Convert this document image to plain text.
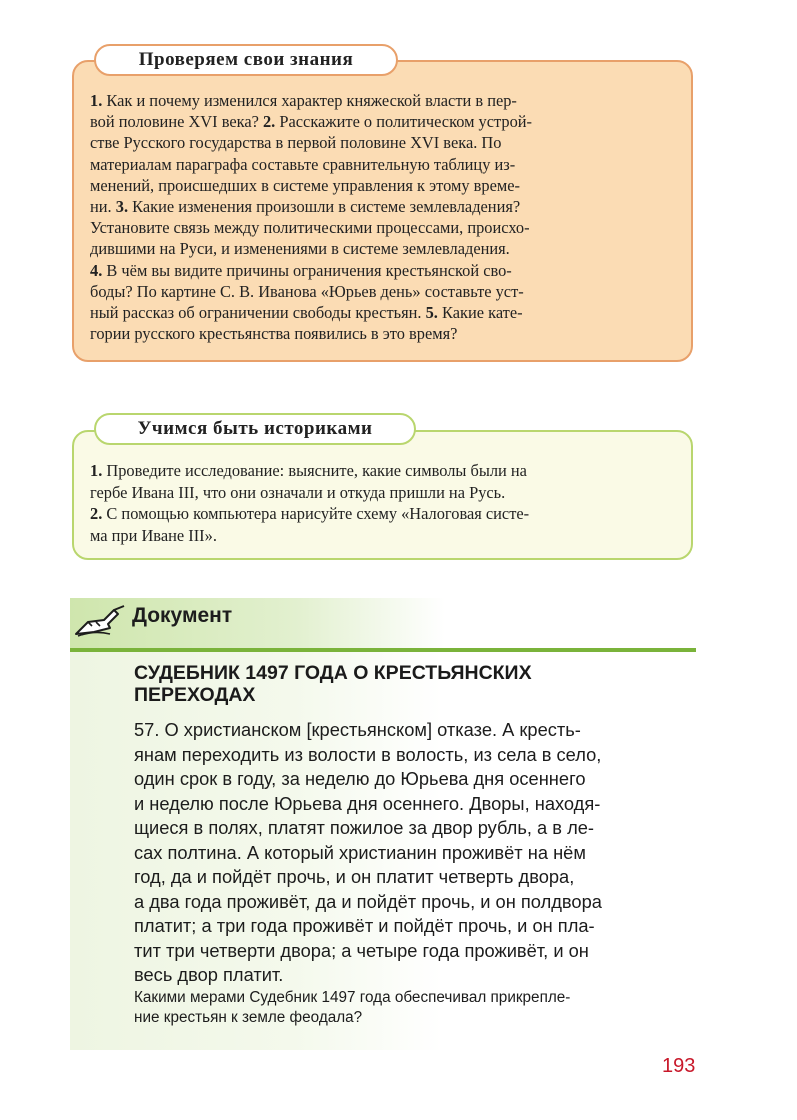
1. Как и почему изменился характер княжеской власти в пер-
вой половине XVI века? 2. Расскажите о политическом устрой-
стве Русского государства в первой половине XVI века. По
материалам параграфа составьте сравнительную таблицу из-
менений, происшедших в системе управления к этому време-
ни. 3. Какие изменения произошли в системе землевладения?
Установите связь между политическими процессами, происхо-
дившими на Руси, и изменениями в системе землевладения.
4. В чём вы видите причины ограничения крестьянской сво-
боды? По картине С. В. Иванова «Юрьев день» составьте уст-
ный рассказ об ограничении свободы крестьян. 5. Какие кате-
гории русского крестьянства появились в это время?
Проверяем свои знания
1. Проведите исследование: выясните, какие символы были на
гербе Ивана III, что они означали и откуда пришли на Русь.
2. С помощью компьютера нарисуйте схему «Налоговая систе-
ма при Иване III».
Учимся быть историками
Документ
СУДЕБНИК 1497 ГОДА О КРЕСТЬЯНСКИХ
ПЕРЕХОДАХ
57. О христианском [крестьянском] отказе. А кресть-
янам переходить из волости в волость, из села в село,
один срок в году, за неделю до Юрьева дня осеннего
и неделю после Юрьева дня осеннего. Дворы, находя-
щиеся в полях, платят пожилое за двор рубль, а в ле-
сах полтина. А который христианин проживёт на нём
год, да и пойдёт прочь, и он платит четверть двора,
а два года проживёт, да и пойдёт прочь, и он полдвора
платит; а три года проживёт и пойдёт прочь, и он пла-
тит три четверти двора; а четыре года проживёт, и он
весь двор платит.
Какими мерами Судебник 1497 года обеспечивал прикрепле-
ние крестьян к земле феодала?
193
